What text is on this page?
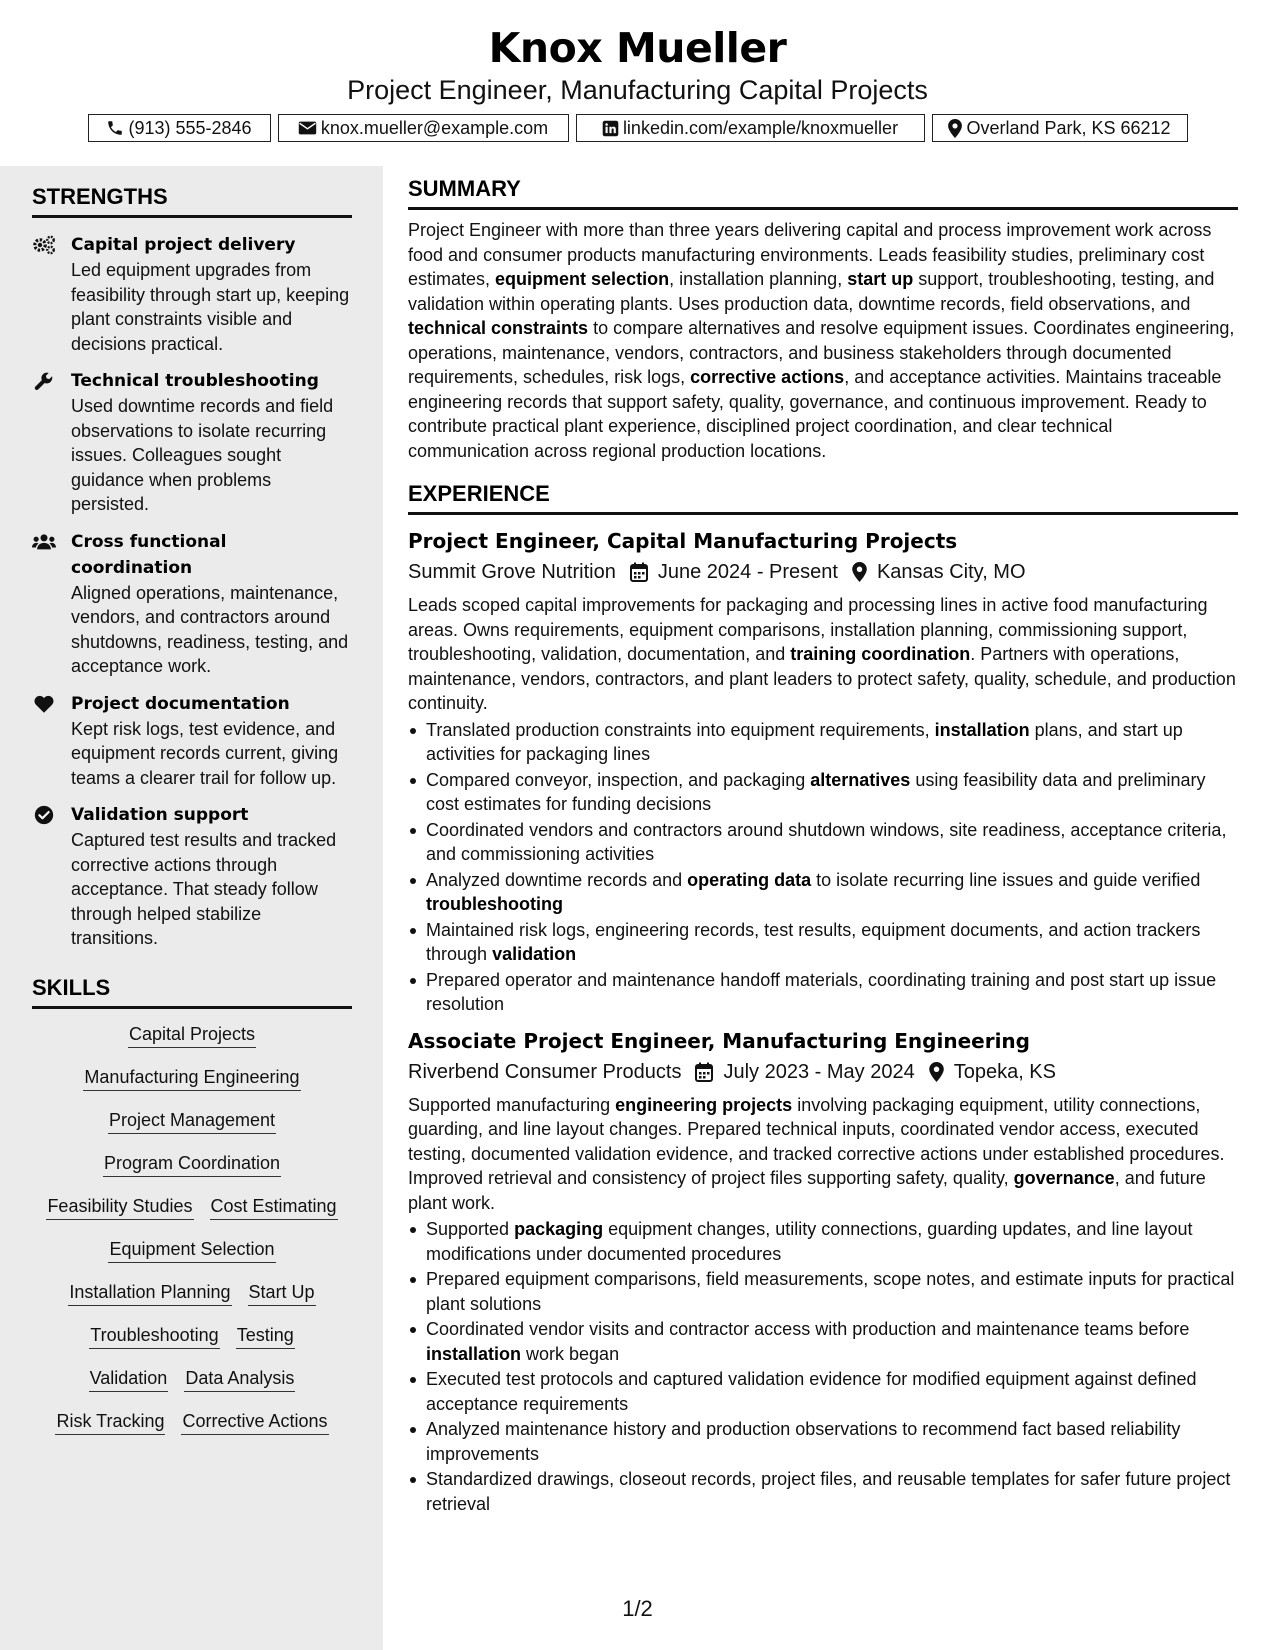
Knox Mueller
Project Engineer, Manufacturing Capital Projects
(913) 555-2846	knox.mueller@example.com	linkedin.com/example/knoxmueller	Overland Park, KS 66212
STRENGTHS
Capital project delivery
Led equipment upgrades from feasibility through start up, keeping plant constraints visible and decisions practical.
Technical troubleshooting
Used downtime records and field observations to isolate recurring issues. Colleagues sought guidance when problems persisted.
Cross functional coordination
Aligned operations, maintenance, vendors, and contractors around shutdowns, readiness, testing, and acceptance work.
Project documentation
Kept risk logs, test evidence, and equipment records current, giving teams a clearer trail for follow up.
Validation support
Captured test results and tracked corrective actions through acceptance. That steady follow through helped stabilize transitions.
SKILLS
Capital Projects
Manufacturing Engineering
Project Management
Program Coordination
Feasibility Studies Cost Estimating
Equipment Selection
Installation Planning Start Up
Troubleshooting Testing
Validation Data Analysis
Risk Tracking Corrective Actions
SUMMARY
Project Engineer with more than three years delivering capital and process improvement work across food and consumer products manufacturing environments. Leads feasibility studies, preliminary cost estimates, equipment selection, installation planning, start up support, troubleshooting, testing, and validation within operating plants. Uses production data, downtime records, field observations, and technical constraints to compare alternatives and resolve equipment issues. Coordinates engineering, operations, maintenance, vendors, contractors, and business stakeholders through documented requirements, schedules, risk logs, corrective actions, and acceptance activities. Maintains traceable engineering records that support safety, quality, governance, and continuous improvement. Ready to contribute practical plant experience, disciplined project coordination, and clear technical communication across regional production locations.
EXPERIENCE
Project Engineer, Capital Manufacturing Projects
Summit Grove Nutrition June 2024 - Present Kansas City, MO
Leads scoped capital improvements for packaging and processing lines in active food manufacturing areas. Owns requirements, equipment comparisons, installation planning, commissioning support, troubleshooting, validation, documentation, and training coordination. Partners with operations, maintenance, vendors, contractors, and plant leaders to protect safety, quality, schedule, and production continuity.
Translated production constraints into equipment requirements, installation plans, and start up activities for packaging lines
Compared conveyor, inspection, and packaging alternatives using feasibility data and preliminary cost estimates for funding decisions
Coordinated vendors and contractors around shutdown windows, site readiness, acceptance criteria, and commissioning activities
Analyzed downtime records and operating data to isolate recurring line issues and guide verified troubleshooting
Maintained risk logs, engineering records, test results, equipment documents, and action trackers through validation
Prepared operator and maintenance handoff materials, coordinating training and post start up issue resolution
Associate Project Engineer, Manufacturing Engineering
Riverbend Consumer Products July 2023 - May 2024 Topeka, KS
Supported manufacturing engineering projects involving packaging equipment, utility connections, guarding, and line layout changes. Prepared technical inputs, coordinated vendor access, executed testing, documented validation evidence, and tracked corrective actions under established procedures. Improved retrieval and consistency of project files supporting safety, quality, governance, and future plant work.
Supported packaging equipment changes, utility connections, guarding updates, and line layout modifications under documented procedures
Prepared equipment comparisons, field measurements, scope notes, and estimate inputs for practical plant solutions
Coordinated vendor visits and contractor access with production and maintenance teams before installation work began
Executed test protocols and captured validation evidence for modified equipment against defined acceptance requirements
Analyzed maintenance history and production observations to recommend fact based reliability improvements
Standardized drawings, closeout records, project files, and reusable templates for safer future project retrieval
1/2
